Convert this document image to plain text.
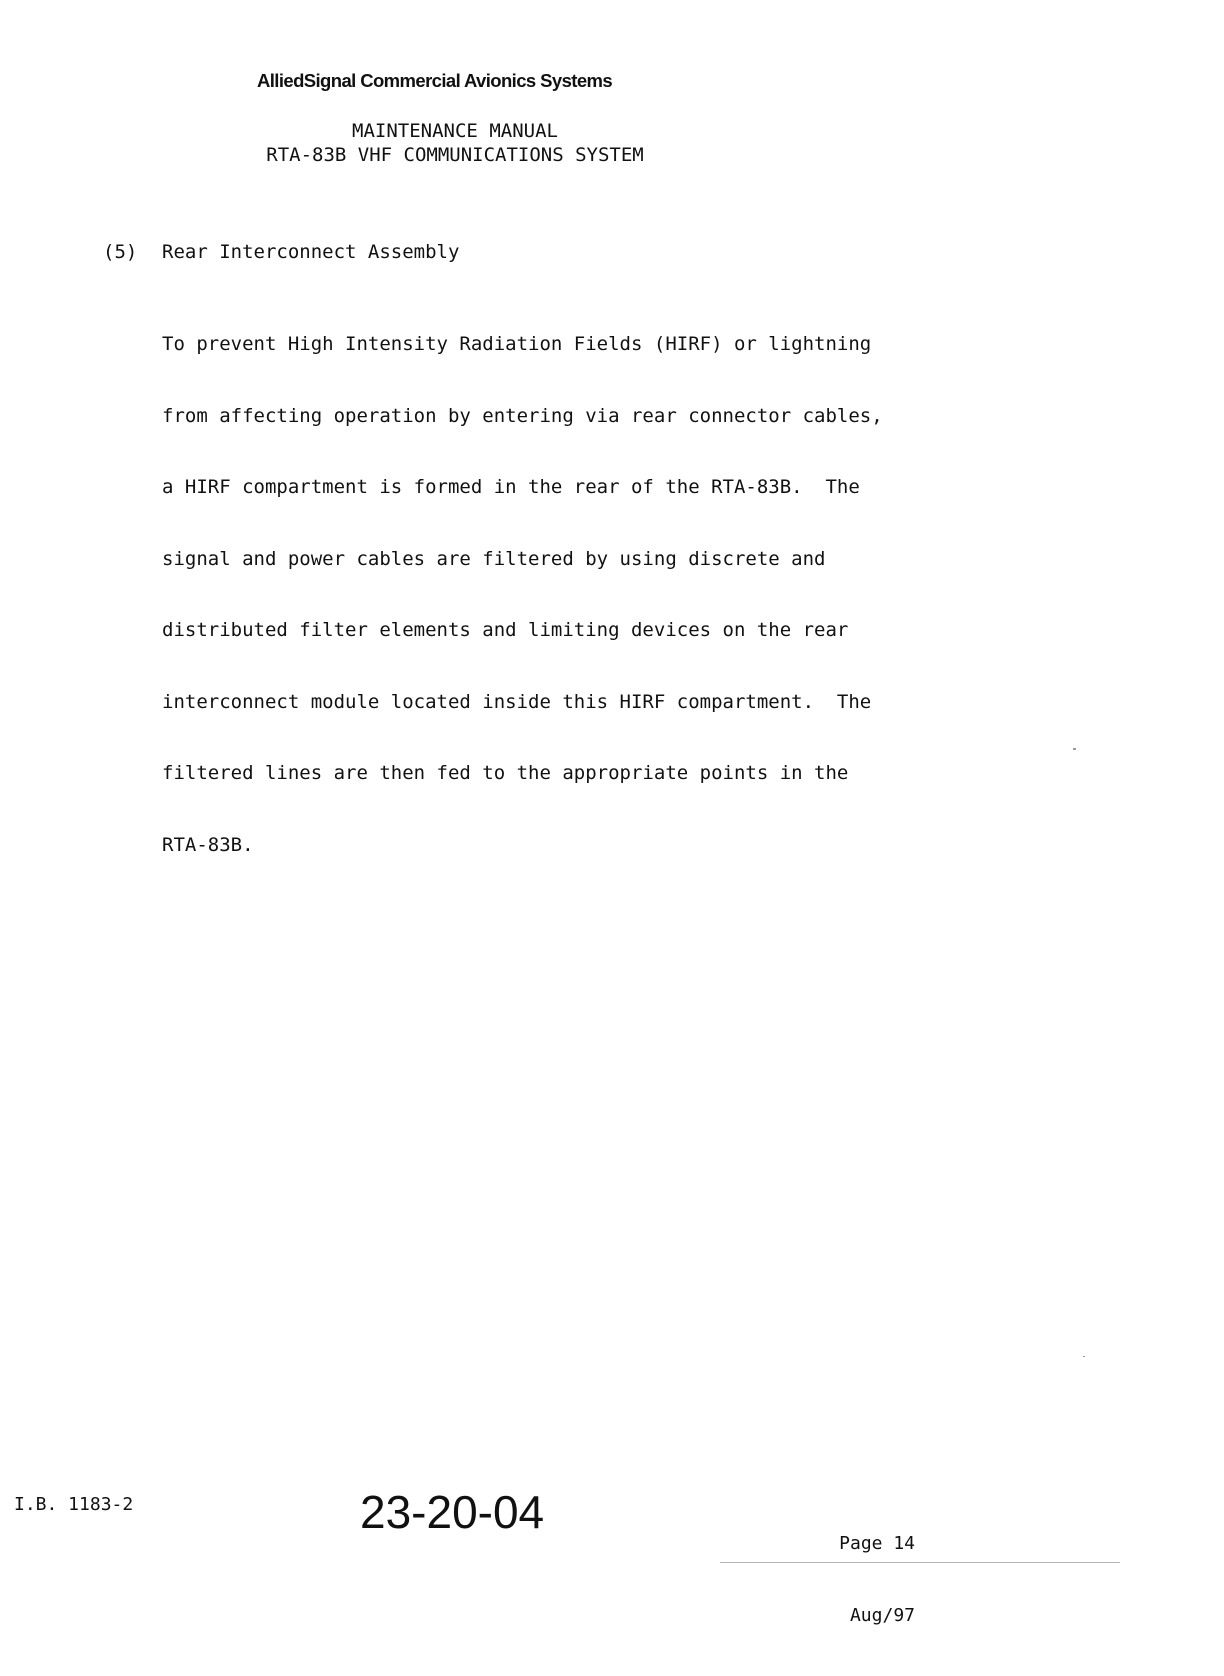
AlliedSignal Commercial Avionics Systems
MAINTENANCE MANUAL
RTA-83B VHF COMMUNICATIONS SYSTEM
(5) Rear Interconnect Assembly

To prevent High Intensity Radiation Fields (HIRF) or lightning

from affecting operation by entering via rear connector cables,

a HIRF compartment is formed in the rear of the RTA-83B.  The

signal and power cables are filtered by using discrete and

distributed filter elements and limiting devices on the rear

interconnect module located inside this HIRF compartment.  The

filtered lines are then fed to the appropriate points in the

RTA-83B.

I.B. 1183-2	23-20-04

Page 14

Aug/97
